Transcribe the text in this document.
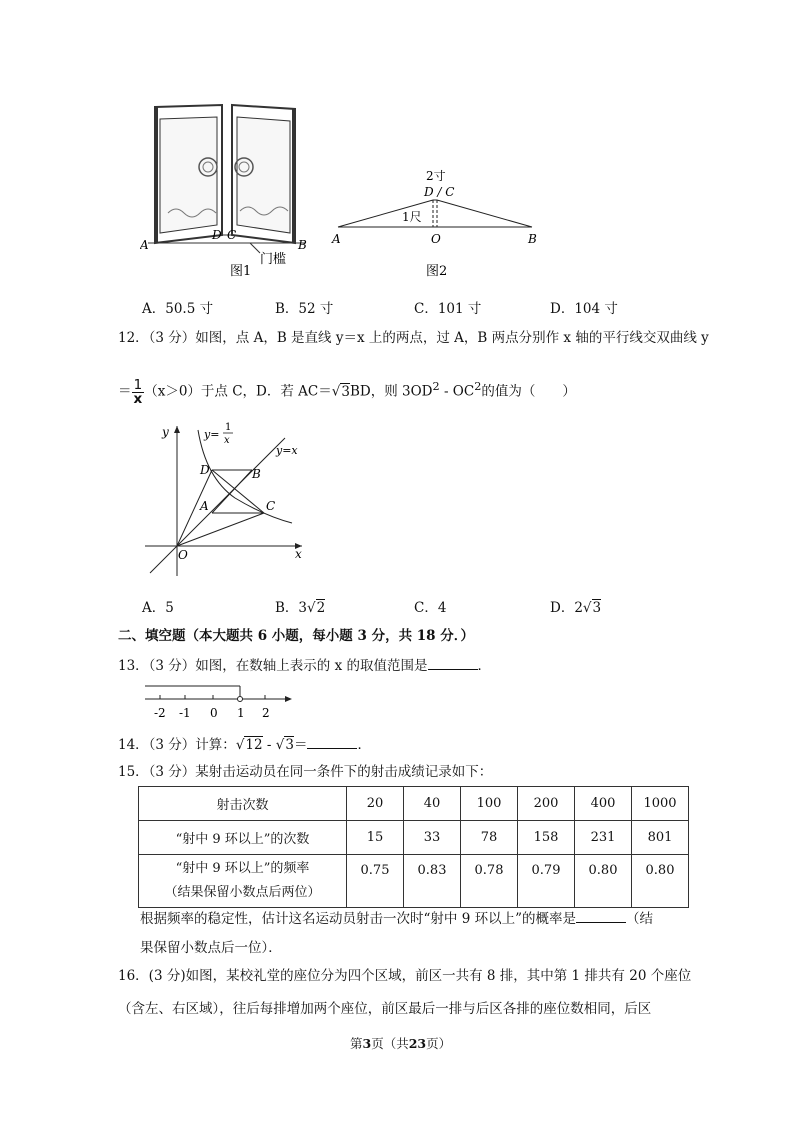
A
D C
B
门槛
图1
2寸
D / C
1尺
A	O	B
图2
A．50.5 寸	B．52 寸	C．101 寸	D．104 寸
12．（3 分）如图，点 A，B 是直线 y＝x 上的两点，过 A，B 两点分别作 x 轴的平行线交双曲线 y
＝ $\frac{1}{x} (x>0)$于点 C，D．若 AC＝√3BD，则 $3OD^2 - OC^2$的值为（　　）
y
x
O
y=
1
x
y=x
D	B
A	C
A．5	B．3√2	C．4	D．2√3
二、填空题（本大题共 6 小题，每小题 3 分，共 18 分．）
13．（3 分）如图，在数轴上表示的 x 的取值范围是	．
-2 -1 0 1 2
14．（3 分）计算：√12 - √3＝	．
15．（3 分）某射击运动员在同一条件下的射击成绩记录如下：
射击次数	20	40	100	200	400	1000
“射中 9 环以上”的次数	15	33	78	158	231	801

“射中 9 环以上”的频率
（结果保留小数点后两位）	0.75	0.83	0.78	0.79	0.80	0.80
根据频率的稳定性，估计这名运动员射击一次时“射中 9 环以上”的概率是	（结
果保留小数点后一位）．
16．(3 分)如图，某校礼堂的座位分为四个区域，前区一共有 8 排，其中第 1 排共有 20 个座位
（含左、右区域），往后每排增加两个座位，前区最后一排与后区各排的座位数相同，后区
第3页（共23页）
